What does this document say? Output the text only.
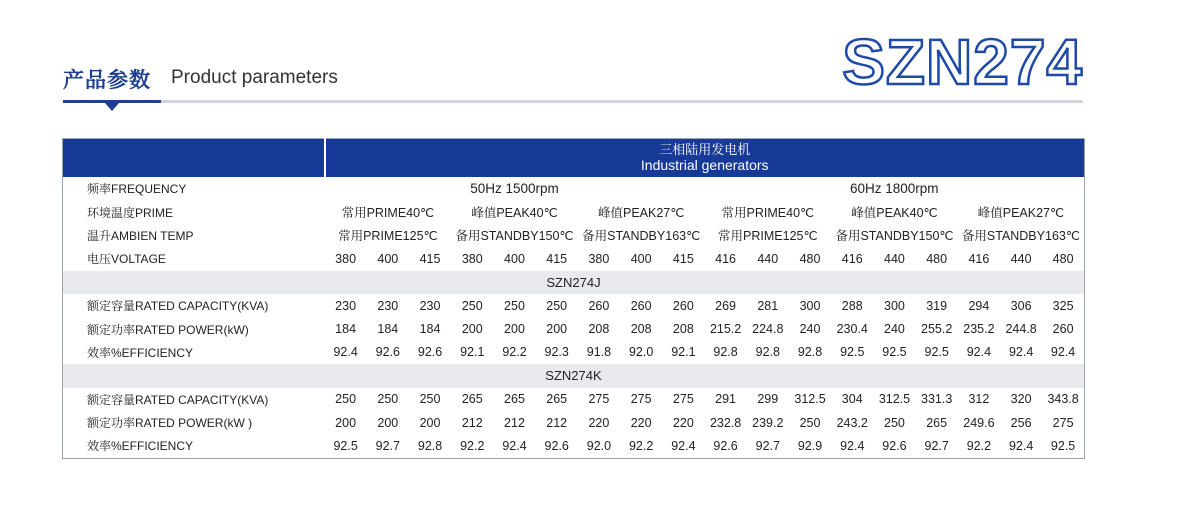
产品参数 Product parameters	SZN274

	三相陆用发电机
Industrial generators																	

频率FREQUENCY	50Hz 1500rpm									60Hz 1800rpm								
环境温度PRIME	常用PRIME40℃			峰值PEAK40℃			峰值PEAK27℃			常用PRIME40℃			峰值PEAK40℃			峰值PEAK27℃		
温升AMBIEN TEMP	常用PRIME125℃			备用STANDBY150℃			备用STANDBY163℃			常用PRIME125℃			备用STANDBY150℃			备用STANDBY163℃		
电压VOLTAGE	380	400	415	380	400	415	380	400	415	416	440	480	416	440	480	416	440	480
SZN274J																		
额定容量RATED CAPACITY(KVA)	230	230	230	250	250	250	260	260	260	269	281	300	288	300	319	294	306	325
额定功率RATED POWER(kW)	184	184	184	200	200	200	208	208	208	215.2	224.8	240	230.4	240	255.2	235.2	244.8	260
效率%EFFICIENCY	92.4	92.6	92.6	92.1	92.2	92.3	91.8	92.0	92.1	92.8	92.8	92.8	92.5	92.5	92.5	92.4	92.4	92.4
SZN274K																		
额定容量RATED CAPACITY(KVA)	250	250	250	265	265	265	275	275	275	291	299	312.5	304	312.5	331.3	312	320	343.8
额定功率RATED POWER(kW )	200	200	200	212	212	212	220	220	220	232.8	239.2	250	243.2	250	265	249.6	256	275
效率%EFFICIENCY	92.5	92.7	92.8	92.2	92.4	92.6	92.0	92.2	92.4	92.6	92.7	92.9	92.4	92.6	92.7	92.2	92.4	92.5
